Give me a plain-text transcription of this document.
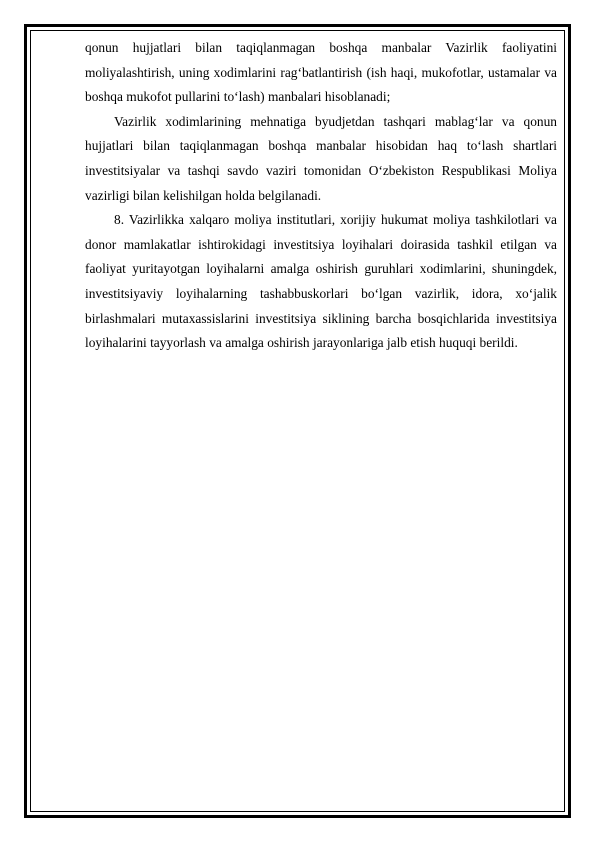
qonun hujjatlari bilan taqiqlanmagan boshqa manbalar Vazirlik faoliyatini moliyalashtirish, uning xodimlarini rag‘batlantirish (ish haqi, mukofotlar, ustamalar va boshqa mukofot pullarini to‘lash) manbalari hisoblanadi;

Vazirlik xodimlarining mehnatiga byudjetdan tashqari mablag‘lar va qonun hujjatlari bilan taqiqlanmagan boshqa manbalar hisobidan haq to‘lash shartlari investitsiyalar va tashqi savdo vaziri tomonidan O‘zbekiston Respublikasi Moliya vazirligi bilan kelishilgan holda belgilanadi.

8. Vazirlikka xalqaro moliya institutlari, xorijiy hukumat moliya tashkilotlari va donor mamlakatlar ishtirokidagi investitsiya loyihalari doirasida tashkil etilgan va faoliyat yuritayotgan loyihalarni amalga oshirish guruhlari xodimlarini, shuningdek, investitsiyaviy loyihalarning tashabbuskorlari bo‘lgan vazirlik, idora, xo‘jalik birlashmalari mutaxassislarini investitsiya siklining barcha bosqichlarida investitsiya loyihalarini tayyorlash va amalga oshirish jarayonlariga jalb etish huquqi berildi.
